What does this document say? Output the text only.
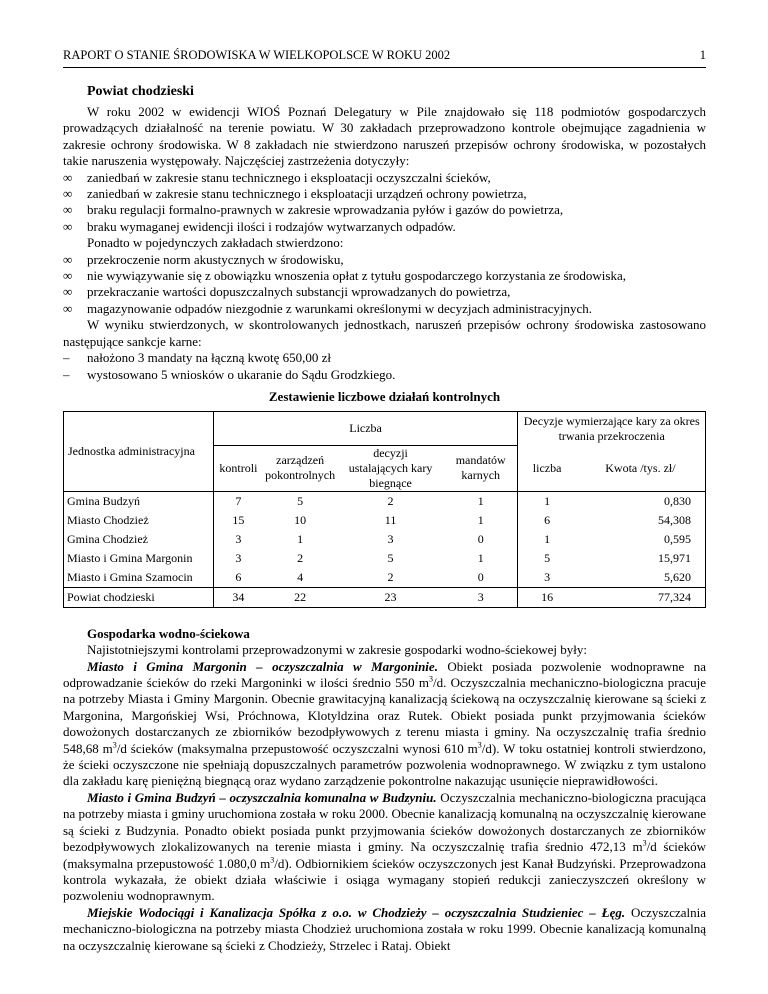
RAPORT O STANIE ŚRODOWISKA W WIELKOPOLSCE W ROKU 2002	1
Powiat chodzieski

W roku 2002 w ewidencji WIOŚ Poznań Delegatury w Pile znajdowało się 118 podmiotów gospodarczych prowadzących działalność na terenie powiatu. W 30 zakładach przeprowadzono kontrole obejmujące zagadnienia w zakresie ochrony środowiska. W 8 zakładach nie stwierdzono naruszeń przepisów ochrony środowiska, w pozostałych takie naruszenia występowały. Najczęściej zastrzeżenia dotyczyły:

∞	zaniedbań w zakresie stanu technicznego i eksploatacji oczyszczalni ścieków,
∞	zaniedbań w zakresie stanu technicznego i eksploatacji urządzeń ochrony powietrza,
∞	braku regulacji formalno-prawnych w zakresie wprowadzania pyłów i gazów do powietrza,
∞	braku wymaganej ewidencji ilości i rodzajów wytwarzanych odpadów.

Ponadto w pojedynczych zakładach stwierdzono:

∞	przekroczenie norm akustycznych w środowisku,
∞	nie wywiązywanie się z obowiązku wnoszenia opłat z tytułu gospodarczego korzystania ze środowiska,
∞	przekraczanie wartości dopuszczalnych substancji wprowadzanych do powietrza,
∞	magazynowanie odpadów niezgodnie z warunkami określonymi w decyzjach administracyjnych.

W wyniku stwierdzonych, w skontrolowanych jednostkach, naruszeń przepisów ochrony środowiska zastosowano następujące sankcje karne:

–	nałożono 3 mandaty na łączną kwotę 650,00 zł
–	wystosowano 5 wniosków o ukaranie do Sądu Grodzkiego.
Zestawienie liczbowe działań kontrolnych
Jednostka administracyjna	Liczba				Decyzje wymierzające kary za okres trwania przekroczenia	
	kontroli	zarządzeń pokontrolnych	decyzji ustalających kary biegnące	mandatów karnych		
					liczba	Kwota /tys. zł/
Gmina Budzyń	7	5	2	1	1	0,830
Miasto Chodzież	15	10	11	1	6	54,308
Gmina Chodzież	3	1	3	0	1	0,595
Miasto i Gmina Margonin	3	2	5	1	5	15,971
Miasto i Gmina Szamocin	6	4	2	0	3	5,620
Powiat chodzieski	34	22	23	3	16	77,324
Gospodarka wodno-ściekowa

Najistotniejszymi kontrolami przeprowadzonymi w zakresie gospodarki wodno-ściekowej były:

Miasto i Gmina Margonin – oczyszczalnia w Margoninie. Obiekt posiada pozwolenie wodnoprawne na odprowadzanie ścieków do rzeki Margoninki w ilości średnio 550 $m^3/d$. Oczyszczalnia mechaniczno-biologiczna pracuje na potrzeby Miasta i Gminy Margonin. Obecnie grawitacyjną kanalizacją ściekową na oczyszczalnię kierowane są ścieki z Margonina, Margońskiej Wsi, Próchnowa, Klotyldzina oraz Rutek. Obiekt posiada punkt przyjmowania ścieków dowożonych dostarczanych ze zbiorników bezodpływowych z terenu miasta i gminy. Na oczyszczalnię trafia średnio 548,68 $m^3/d$ ścieków (maksymalna przepustowość oczyszczalni wynosi 610 $m^3/d$). W toku ostatniej kontroli stwierdzono, że ścieki oczyszczone nie spełniają dopuszczalnych parametrów pozwolenia wodnoprawnego. W związku z tym ustalono dla zakładu karę pieniężną biegnącą oraz wydano zarządzenie pokontrolne nakazując usunięcie nieprawidłowości.

Miasto i Gmina Budzyń – oczyszczalnia komunalna w Budzyniu. Oczyszczalnia mechaniczno-biologiczna pracująca na potrzeby miasta i gminy uruchomiona została w roku 2000. Obecnie kanalizacją komunalną na oczyszczalnię kierowane są ścieki z Budzynia. Ponadto obiekt posiada punkt przyjmowania ścieków dowożonych dostarczanych ze zbiorników bezodpływowych zlokalizowanych na terenie miasta i gminy. Na oczyszczalnię trafia średnio 472,13 $m^3/d$ ścieków (maksymalna przepustowość 1.080,0 $m^3/d$). Odbiornikiem ścieków oczyszczonych jest Kanał Budzyński. Przeprowadzona kontrola wykazała, że obiekt działa właściwie i osiąga wymagany stopień redukcji zanieczyszczeń określony w pozwoleniu wodnoprawnym.

Miejskie Wodociągi i Kanalizacja Spółka z o.o. w Chodzieży – oczyszczalnia Studzieniec – Łęg. Oczyszczalnia mechaniczno-biologiczna na potrzeby miasta Chodzież uruchomiona została w roku 1999. Obecnie kanalizacją komunalną na oczyszczalnię kierowane są ścieki z Chodzieży, Strzelec i Rataj. Obiekt
